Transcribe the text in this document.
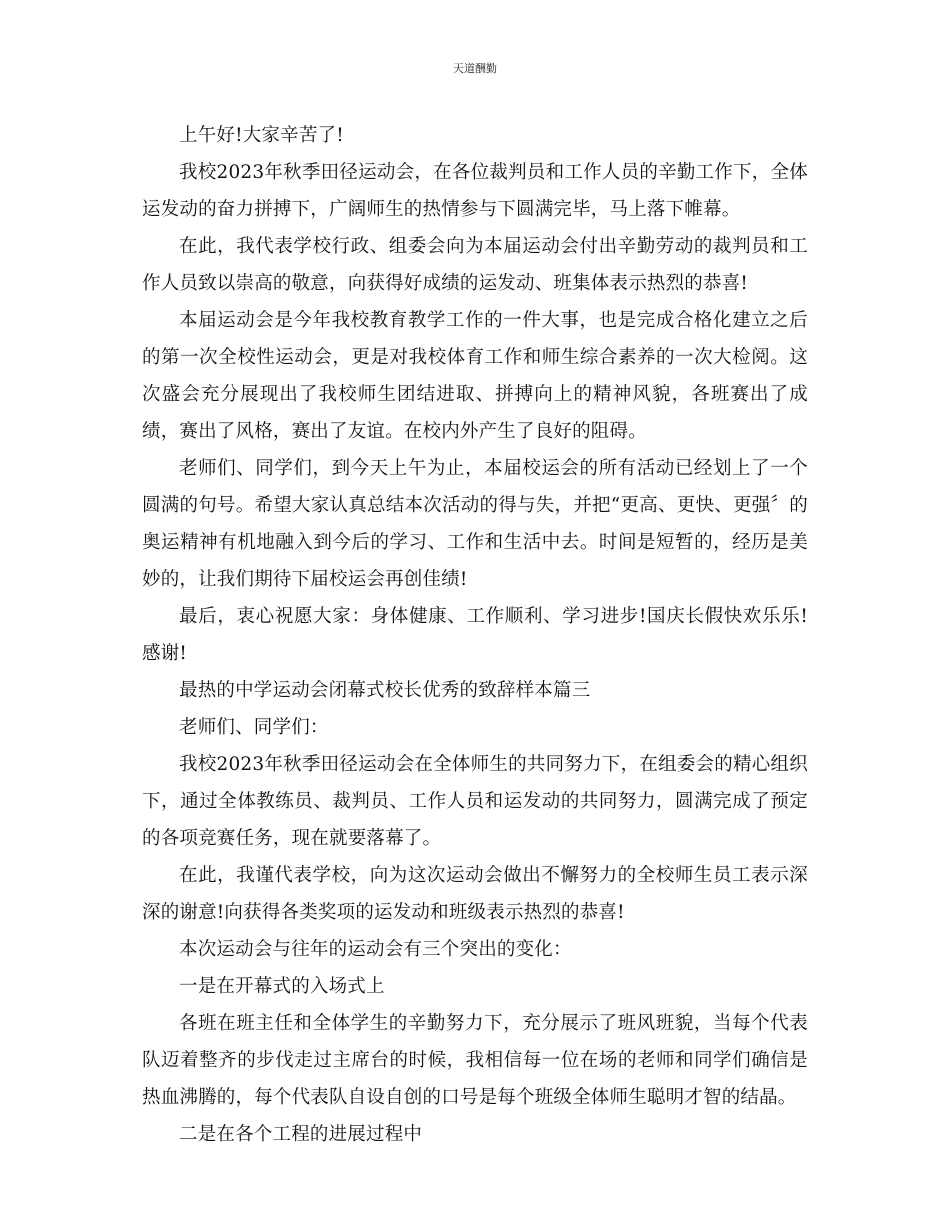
天道酬勤

上午好!大家辛苦了!

我校2023年秋季田径运动会，在各位裁判员和工作人员的辛勤工作下，全体运发动的奋力拼搏下，广阔师生的热情参与下圆满完毕，马上落下帷幕。

在此，我代表学校行政、组委会向为本届运动会付出辛勤劳动的裁判员和工作人员致以崇高的敬意，向获得好成绩的运发动、班集体表示热烈的恭喜!

本届运动会是今年我校教育教学工作的一件大事，也是完成合格化建立之后的第一次全校性运动会，更是对我校体育工作和师生综合素养的一次大检阅。这次盛会充分展现出了我校师生团结进取、拼搏向上的精神风貌，各班赛出了成绩，赛出了风格，赛出了友谊。在校内外产生了良好的阻碍。

老师们、同学们，到今天上午为止，本届校运会的所有活动已经划上了一个圆满的句号。希望大家认真总结本次活动的得与失，并把“更高、更快、更强〞的奥运精神有机地融入到今后的学习、工作和生活中去。时间是短暂的，经历是美妙的，让我们期待下届校运会再创佳绩!

最后，衷心祝愿大家：身体健康、工作顺利、学习进步!国庆长假快欢乐乐!感谢!

最热的中学运动会闭幕式校长优秀的致辞样本篇三

老师们、同学们：

我校2023年秋季田径运动会在全体师生的共同努力下，在组委会的精心组织下，通过全体教练员、裁判员、工作人员和运发动的共同努力，圆满完成了预定的各项竞赛任务，现在就要落幕了。

在此，我谨代表学校，向为这次运动会做出不懈努力的全校师生员工表示深深的谢意!向获得各类奖项的运发动和班级表示热烈的恭喜!

本次运动会与往年的运动会有三个突出的变化：

一是在开幕式的入场式上

各班在班主任和全体学生的辛勤努力下，充分展示了班风班貌，当每个代表队迈着整齐的步伐走过主席台的时候，我相信每一位在场的老师和同学们确信是热血沸腾的，每个代表队自设自创的口号是每个班级全体师生聪明才智的结晶。

二是在各个工程的进展过程中
